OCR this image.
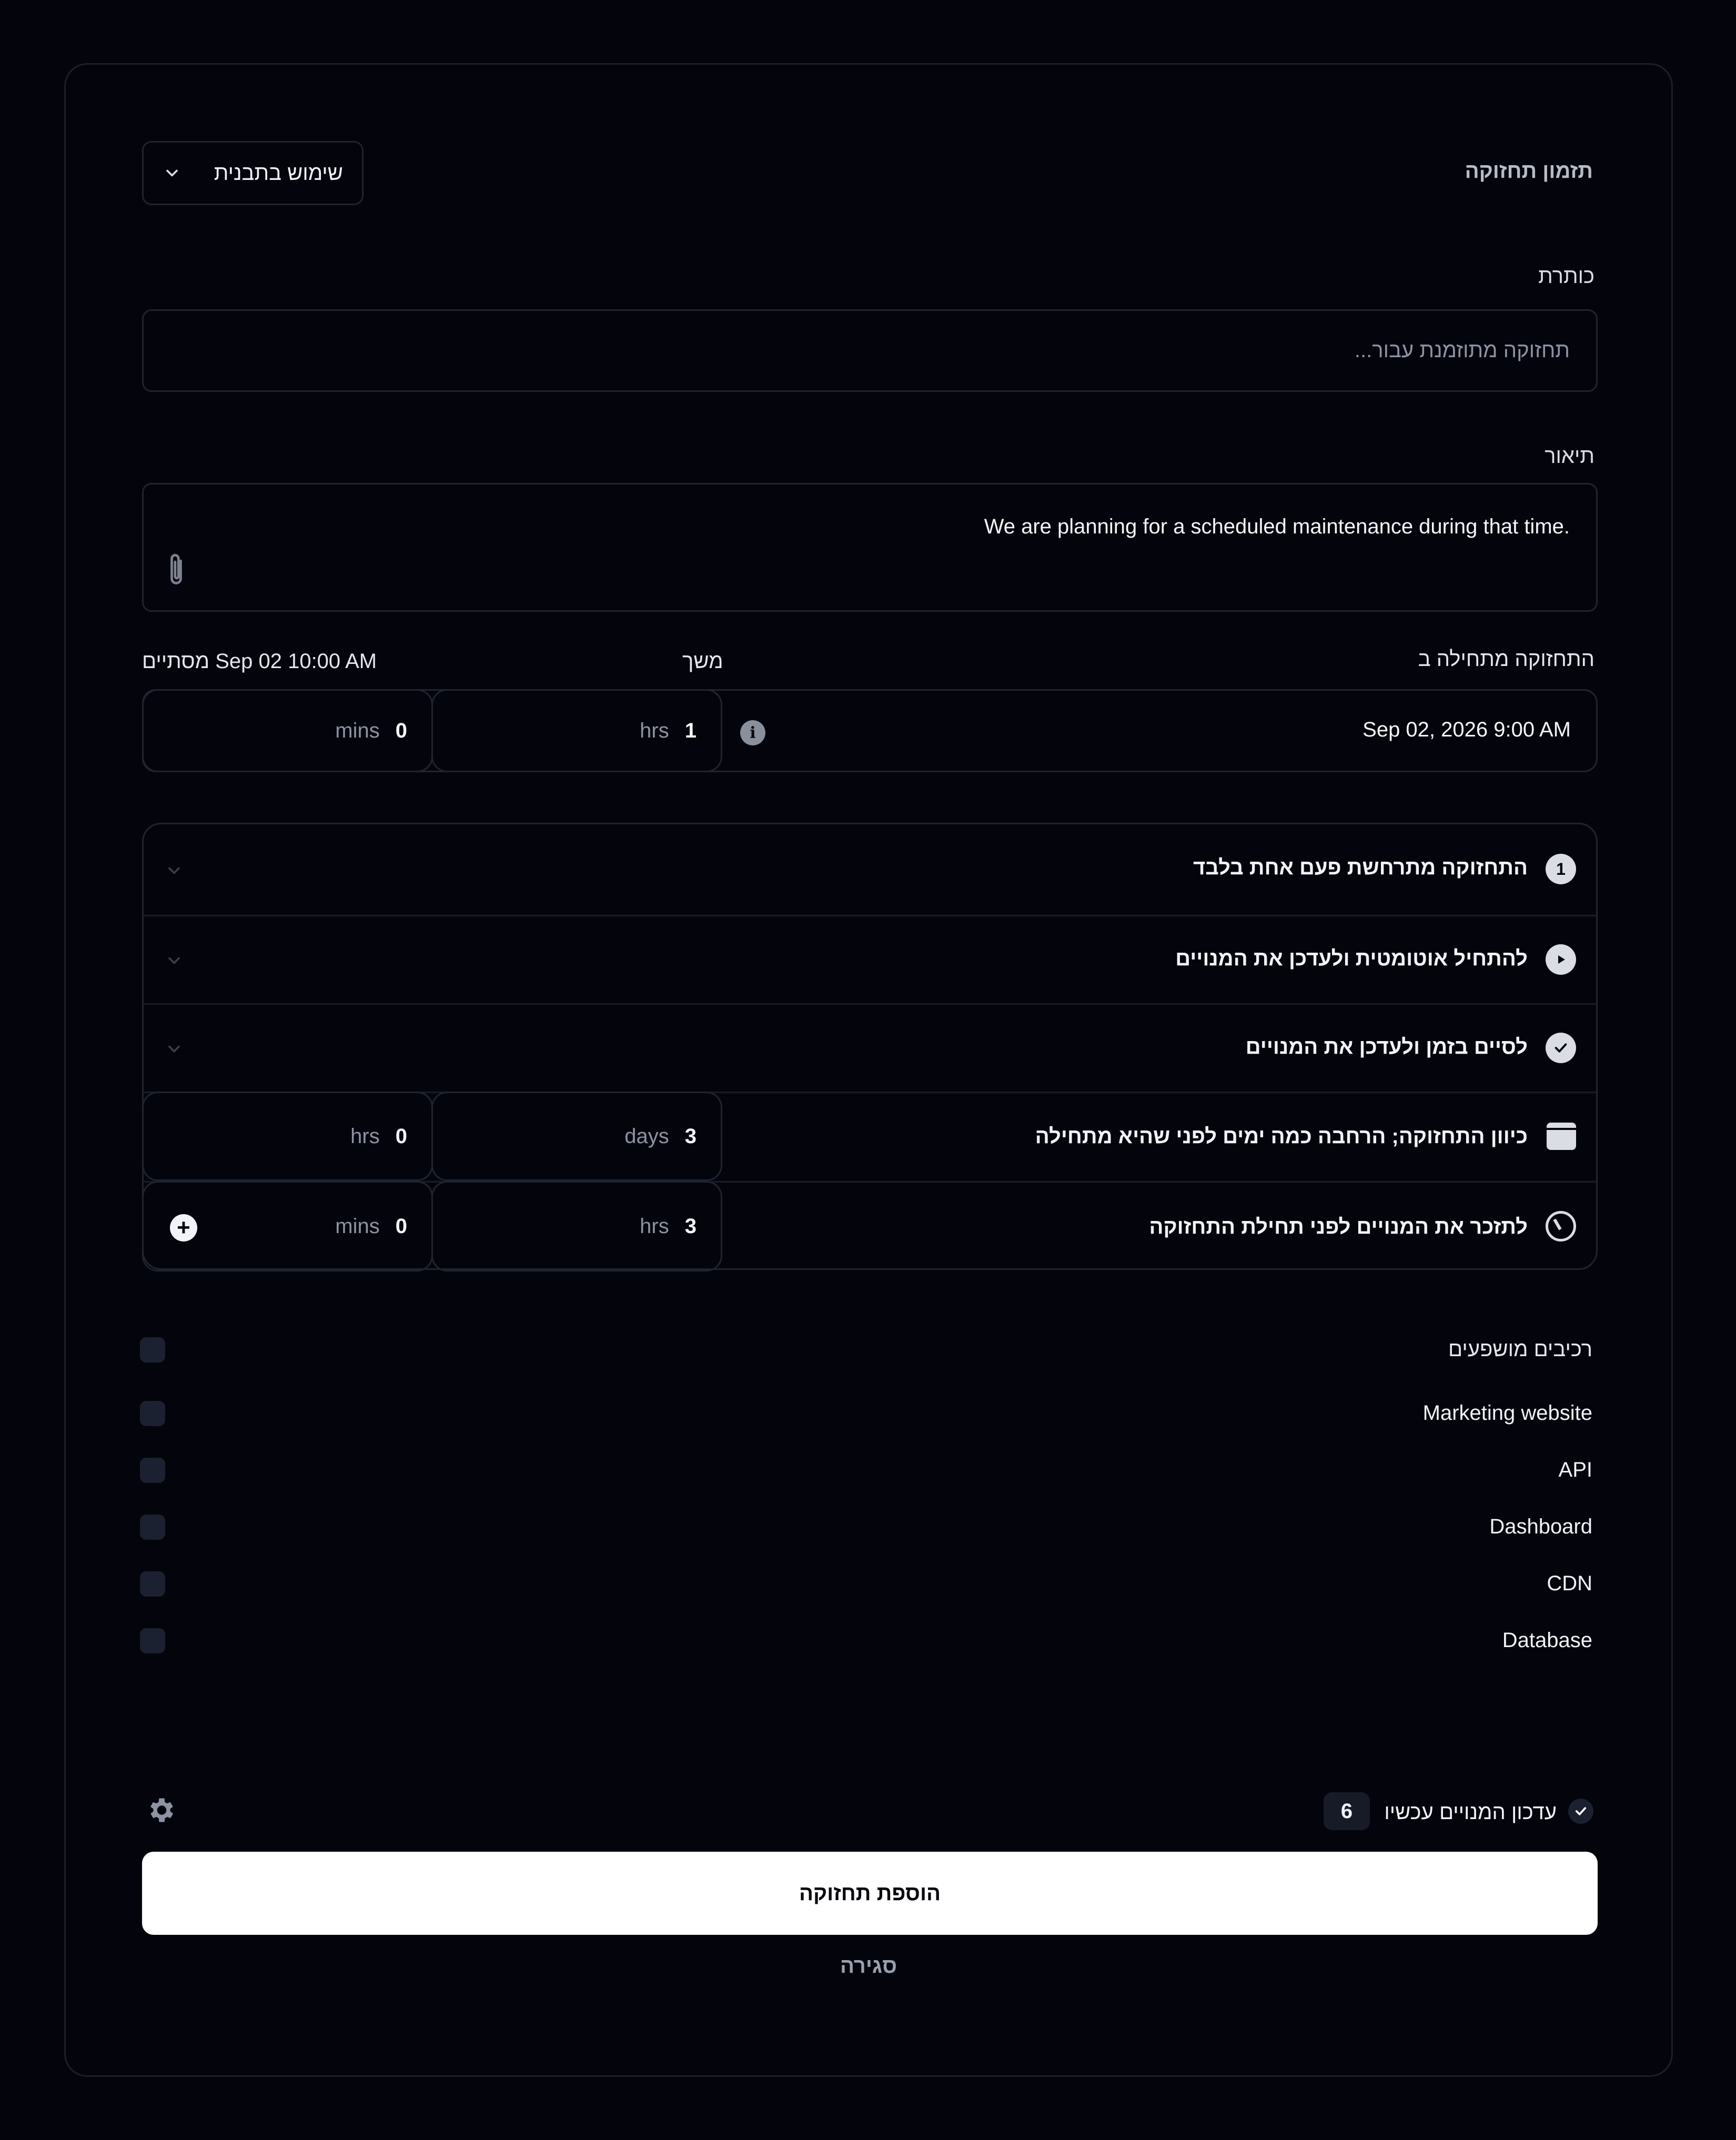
תזמון תחזוקה
שימוש בתבנית
כותרת
תחזוקה מתוזמנת עבור...
תיאור
We are planning for a scheduled maintenance during that time.
התחזוקה מתחילה ב
משך
Sep 02 10:00 AM מסתיים
Sep 02, 2026 9:00 AM
i
hrs 1
mins 0
1
התחזוקה מתרחשת פעם אחת בלבד
להתחיל אוטומטית ולעדכן את המנויים
לסיים בזמן ולעדכן את המנויים
כיוון התחזוקה; הרחבה כמה ימים לפני שהיא מתחילה
days 3
hrs 0
לתזכר את המנויים לפני תחילת התחזוקה
hrs 3
mins 0
+
רכיבים מושפעים
Marketing website
API
Dashboard
CDN
Database
עדכון המנויים עכשיו
6
הוספת תחזוקה
סגירה
